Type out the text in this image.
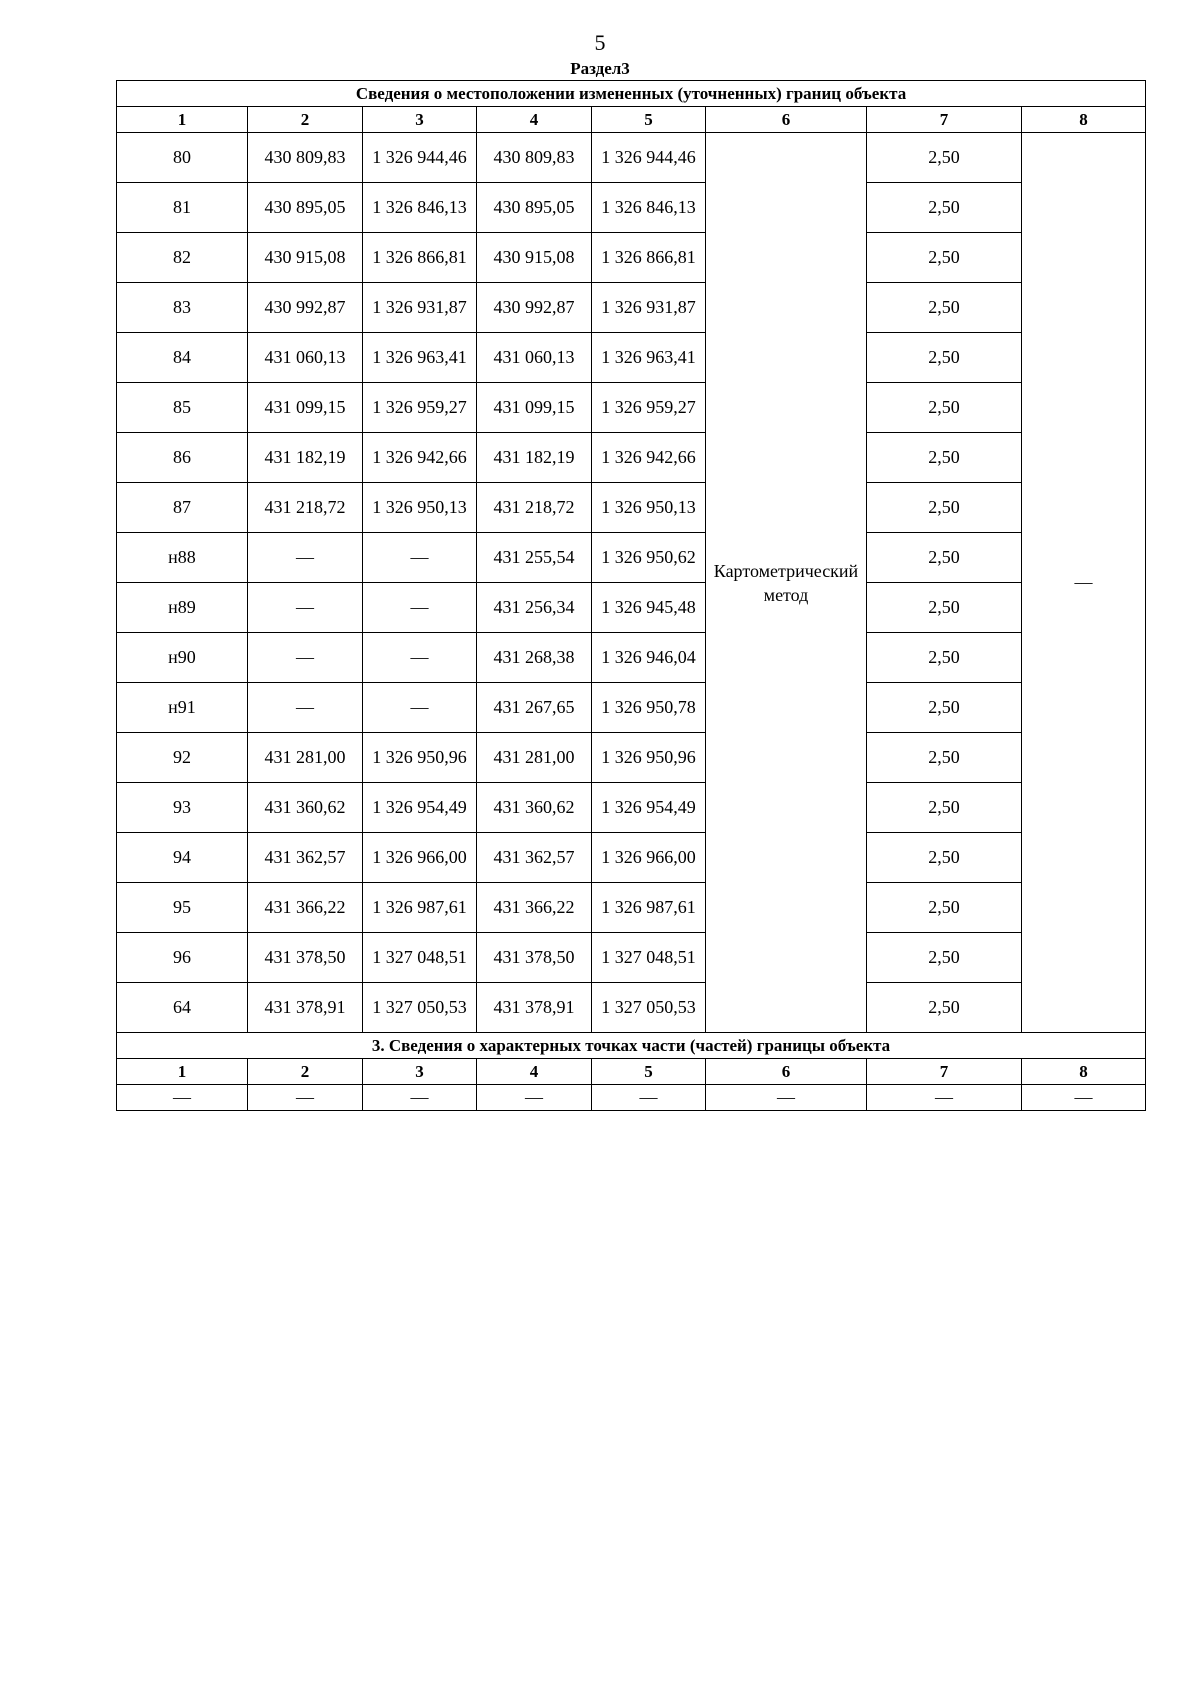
5
Раздел3
Сведения о местоположении измененных (уточненных) границ объекта							
1	2	3	4	5	6	7	8
80	430 809,83	1 326 944,46	430 809,83	1 326 944,46	Картометрический метод	2,50	—
81	430 895,05	1 326 846,13	430 895,05	1 326 846,13		2,50	
82	430 915,08	1 326 866,81	430 915,08	1 326 866,81		2,50	
83	430 992,87	1 326 931,87	430 992,87	1 326 931,87		2,50	
84	431 060,13	1 326 963,41	431 060,13	1 326 963,41		2,50	
85	431 099,15	1 326 959,27	431 099,15	1 326 959,27		2,50	
86	431 182,19	1 326 942,66	431 182,19	1 326 942,66		2,50	
87	431 218,72	1 326 950,13	431 218,72	1 326 950,13		2,50	
н88	—	—	431 255,54	1 326 950,62		2,50	
н89	—	—	431 256,34	1 326 945,48		2,50	
н90	—	—	431 268,38	1 326 946,04		2,50	
н91	—	—	431 267,65	1 326 950,78		2,50	
92	431 281,00	1 326 950,96	431 281,00	1 326 950,96		2,50	
93	431 360,62	1 326 954,49	431 360,62	1 326 954,49		2,50	
94	431 362,57	1 326 966,00	431 362,57	1 326 966,00		2,50	
95	431 366,22	1 326 987,61	431 366,22	1 326 987,61		2,50	
96	431 378,50	1 327 048,51	431 378,50	1 327 048,51		2,50	
64	431 378,91	1 327 050,53	431 378,91	1 327 050,53		2,50	
3. Сведения о характерных точках части (частей) границы объекта							
1	2	3	4	5	6	7	8
—	—	—	—	—	—	—	—
